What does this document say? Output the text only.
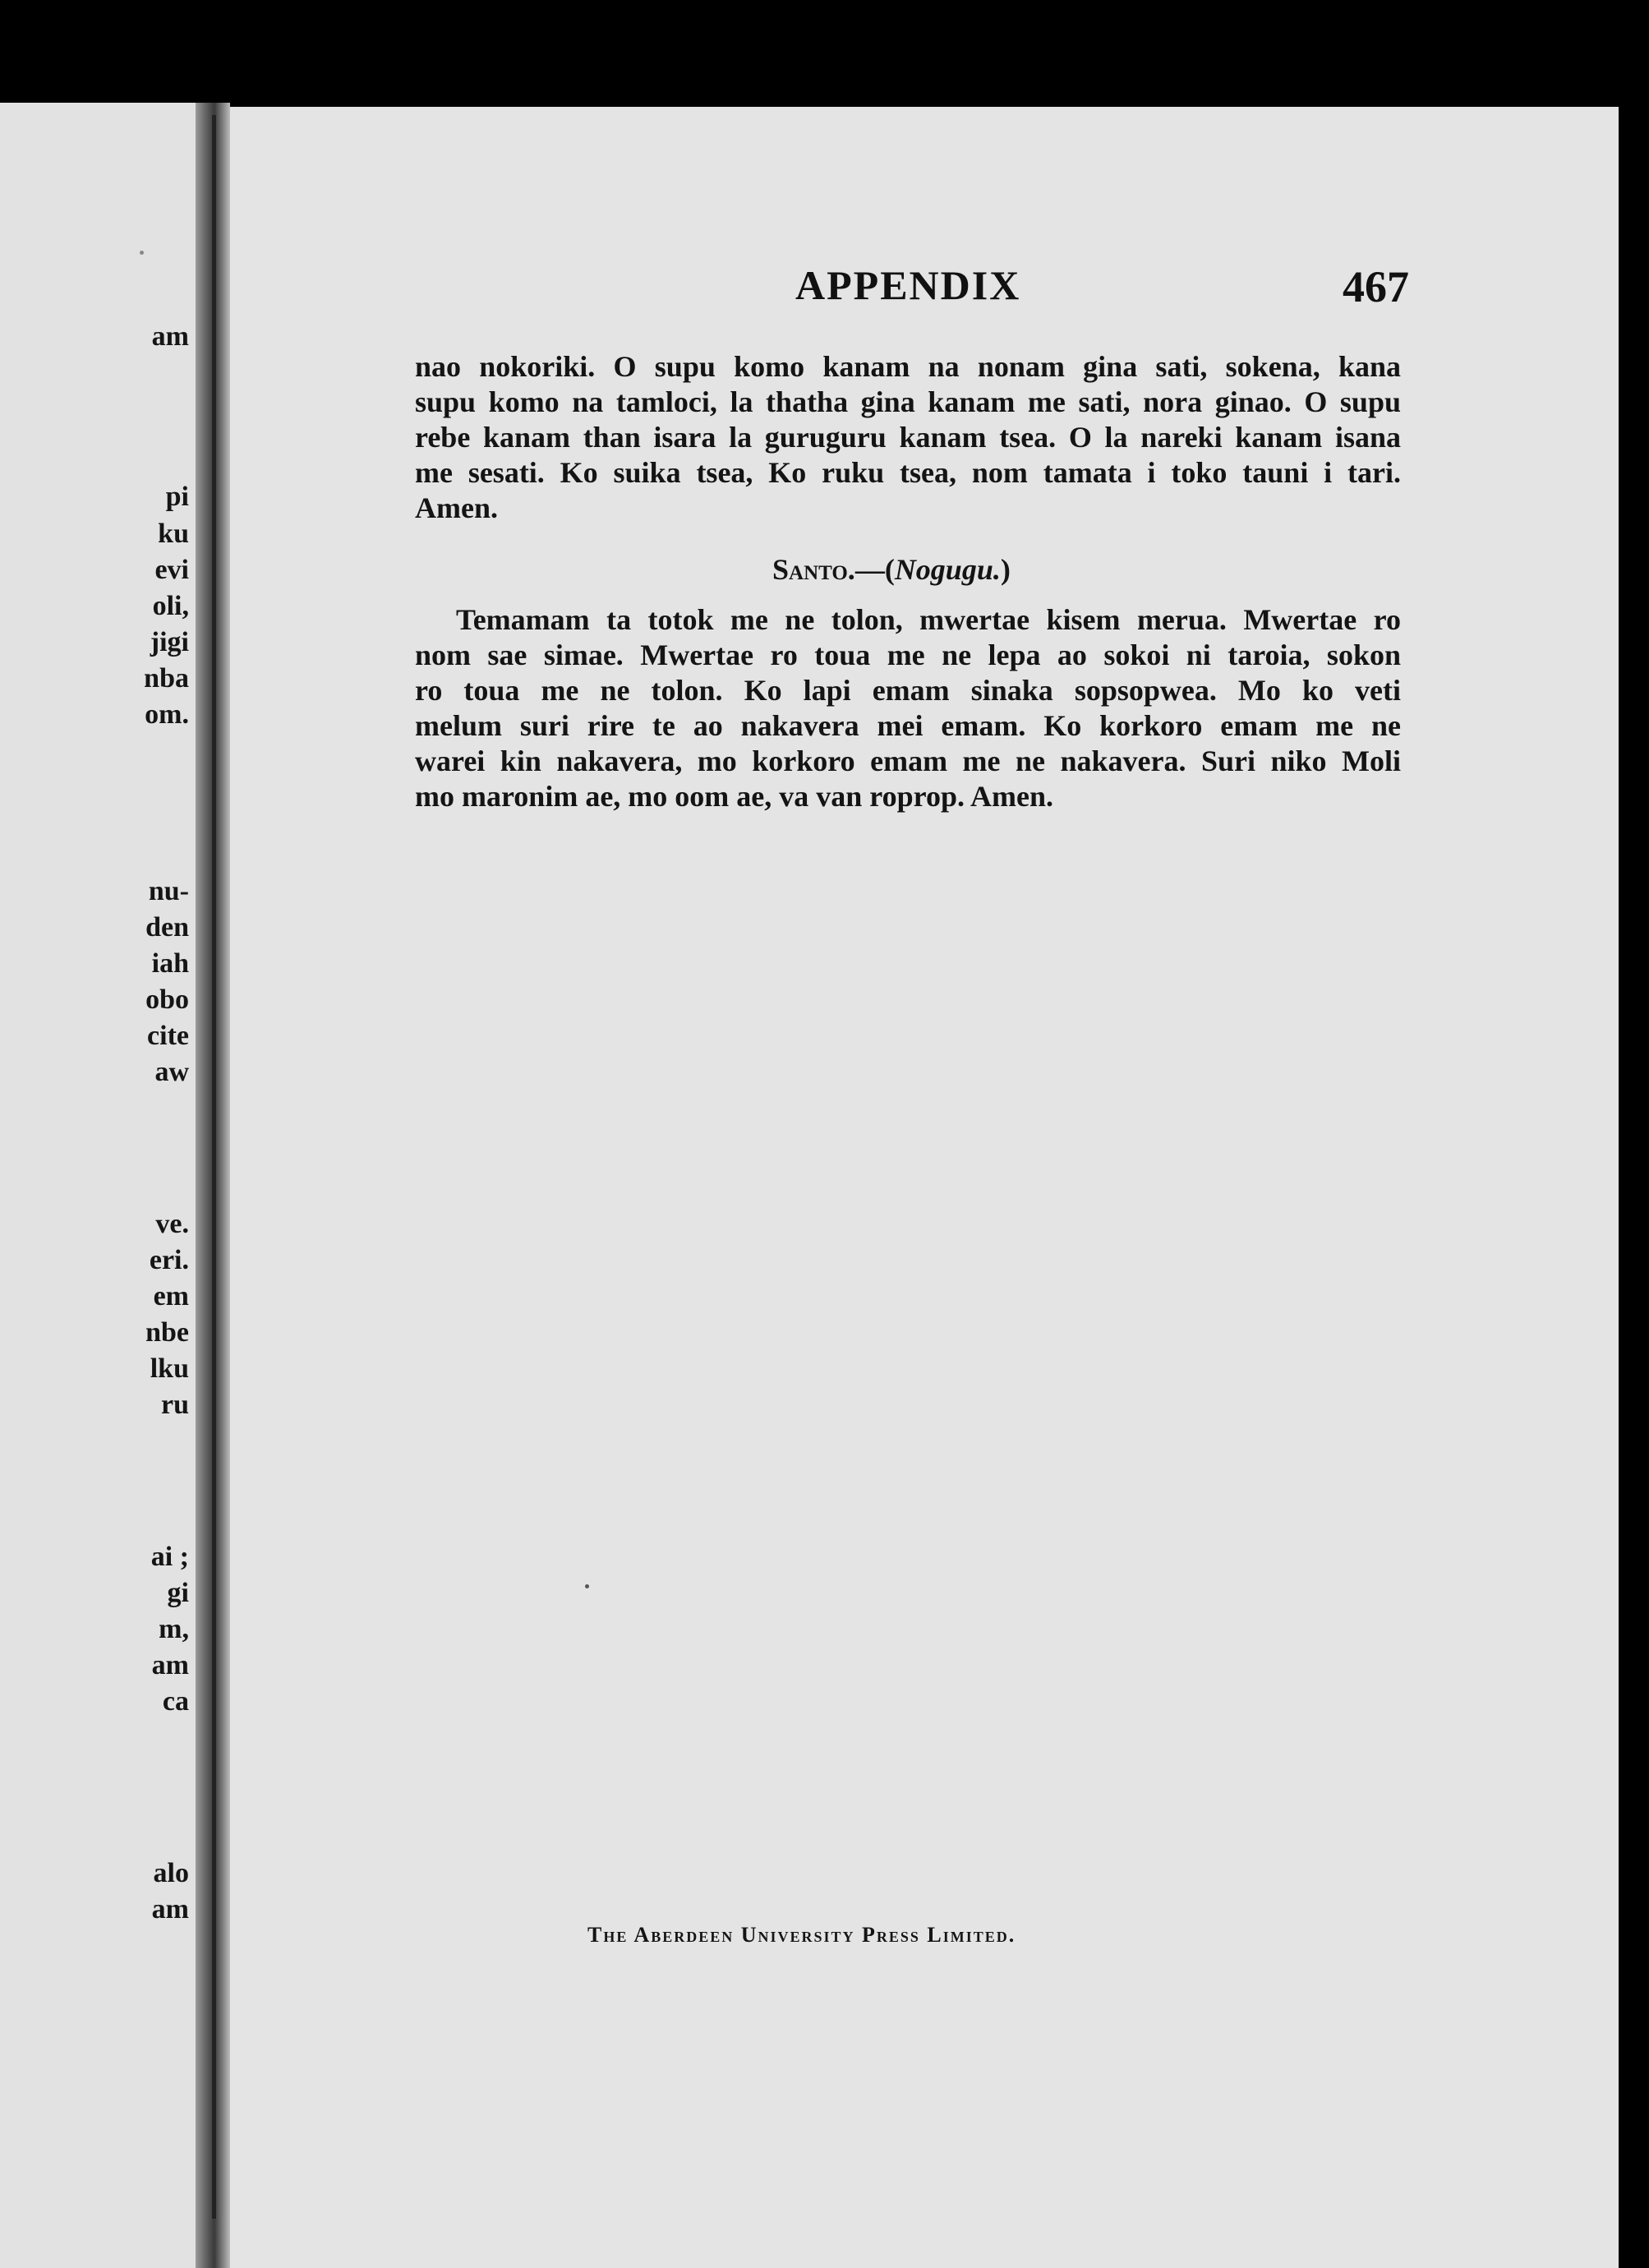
am
pi
ku
evi
oli,
jigi
nba
om.
nu-
den
iah
obo
cite
aw
ve.
eri.
em
nbe
lku
ru
ai ;
gi
m,
am
ca
alo
am
APPENDIX	467
nao nokoriki. O supu komo kanam na nonam gina sati, sokena, kana
supu komo na tamloci, la thatha gina kanam me sati, nora ginao. O supu
rebe kanam than isara la guruguru kanam tsea. O la nareki kanam isana
me sesati. Ko suika tsea, Ko ruku tsea, nom tamata i toko tauni i tari.
Amen.
Santo.—(Nogugu.)
Temamam ta totok me ne tolon, mwertae kisem merua. Mwertae ro
nom sae simae. Mwertae ro toua me ne lepa ao sokoi ni taroia, sokon
ro toua me ne tolon. Ko lapi emam sinaka sopsopwea. Mo ko veti
melum suri rire te ao nakavera mei emam. Ko korkoro emam me ne
warei kin nakavera, mo korkoro emam me ne nakavera. Suri niko Moli
mo maronim ae, mo oom ae, va van roprop. Amen.
The Aberdeen University Press Limited.
